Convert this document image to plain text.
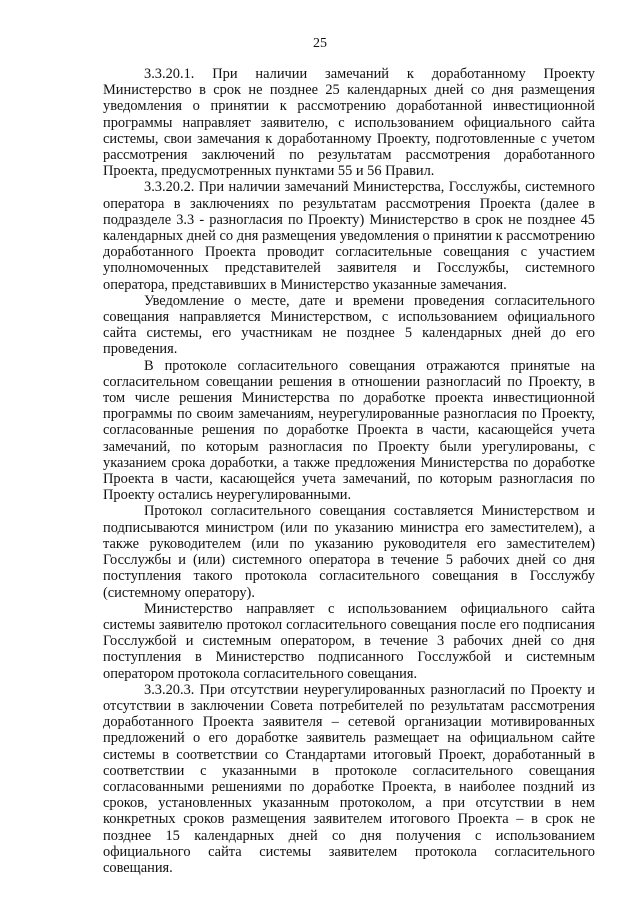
25

3.3.20.1. При наличии замечаний к доработанному Проекту Министерство в срок не позднее 25 календарных дней со дня размещения уведомления о принятии к рассмотрению доработанной инвестиционной программы направляет заявителю, с использованием официального сайта системы, свои замечания к доработанному Проекту, подготовленные с учетом рассмотрения заключений по результатам рассмотрения доработанного Проекта, предусмотренных пунктами 55 и 56 Правил.

3.3.20.2. При наличии замечаний Министерства, Госслужбы, системного оператора в заключениях по результатам рассмотрения Проекта (далее в подразделе 3.3 - разногласия по Проекту) Министерство в срок не позднее 45 календарных дней со дня размещения уведомления о принятии к рассмотрению доработанного Проекта проводит согласительные совещания с участием уполномоченных представителей заявителя и Госслужбы, системного оператора, представивших в Министерство указанные замечания.

Уведомление о месте, дате и времени проведения согласительного совещания направляется Министерством, с использованием официального сайта системы, его участникам не позднее 5 календарных дней до его проведения.

В протоколе согласительного совещания отражаются принятые на согласительном совещании решения в отношении разногласий по Проекту, в том числе решения Министерства по доработке проекта инвестиционной программы по своим замечаниям, неурегулированные разногласия по Проекту, согласованные решения по доработке Проекта в части, касающейся учета замечаний, по которым разногласия по Проекту были урегулированы, с указанием срока доработки, а также предложения Министерства по доработке Проекта в части, касающейся учета замечаний, по которым разногласия по Проекту остались неурегулированными.

Протокол согласительного совещания составляется Министерством и подписываются министром (или по указанию министра его заместителем), а также руководителем (или по указанию руководителя его заместителем) Госслужбы и (или) системного оператора в течение 5 рабочих дней со дня поступления такого протокола согласительного совещания в Госслужбу (системному оператору).

Министерство направляет с использованием официального сайта системы заявителю протокол согласительного совещания после его подписания Госслужбой и системным оператором, в течение 3 рабочих дней со дня поступления в Министерство подписанного Госслужбой и системным оператором протокола согласительного совещания.

3.3.20.3. При отсутствии неурегулированных разногласий по Проекту и отсутствии в заключении Совета потребителей по результатам рассмотрения доработанного Проекта заявителя – сетевой организации мотивированных предложений о его доработке заявитель размещает на официальном сайте системы в соответствии со Стандартами итоговый Проект, доработанный в соответствии с указанными в протоколе согласительного совещания согласованными решениями по доработке Проекта, в наиболее поздний из сроков, установленных указанным протоколом, а при отсутствии в нем конкретных сроков размещения заявителем итогового Проекта – в срок не позднее 15 календарных дней со дня получения с использованием официального сайта системы заявителем протокола согласительного совещания.
